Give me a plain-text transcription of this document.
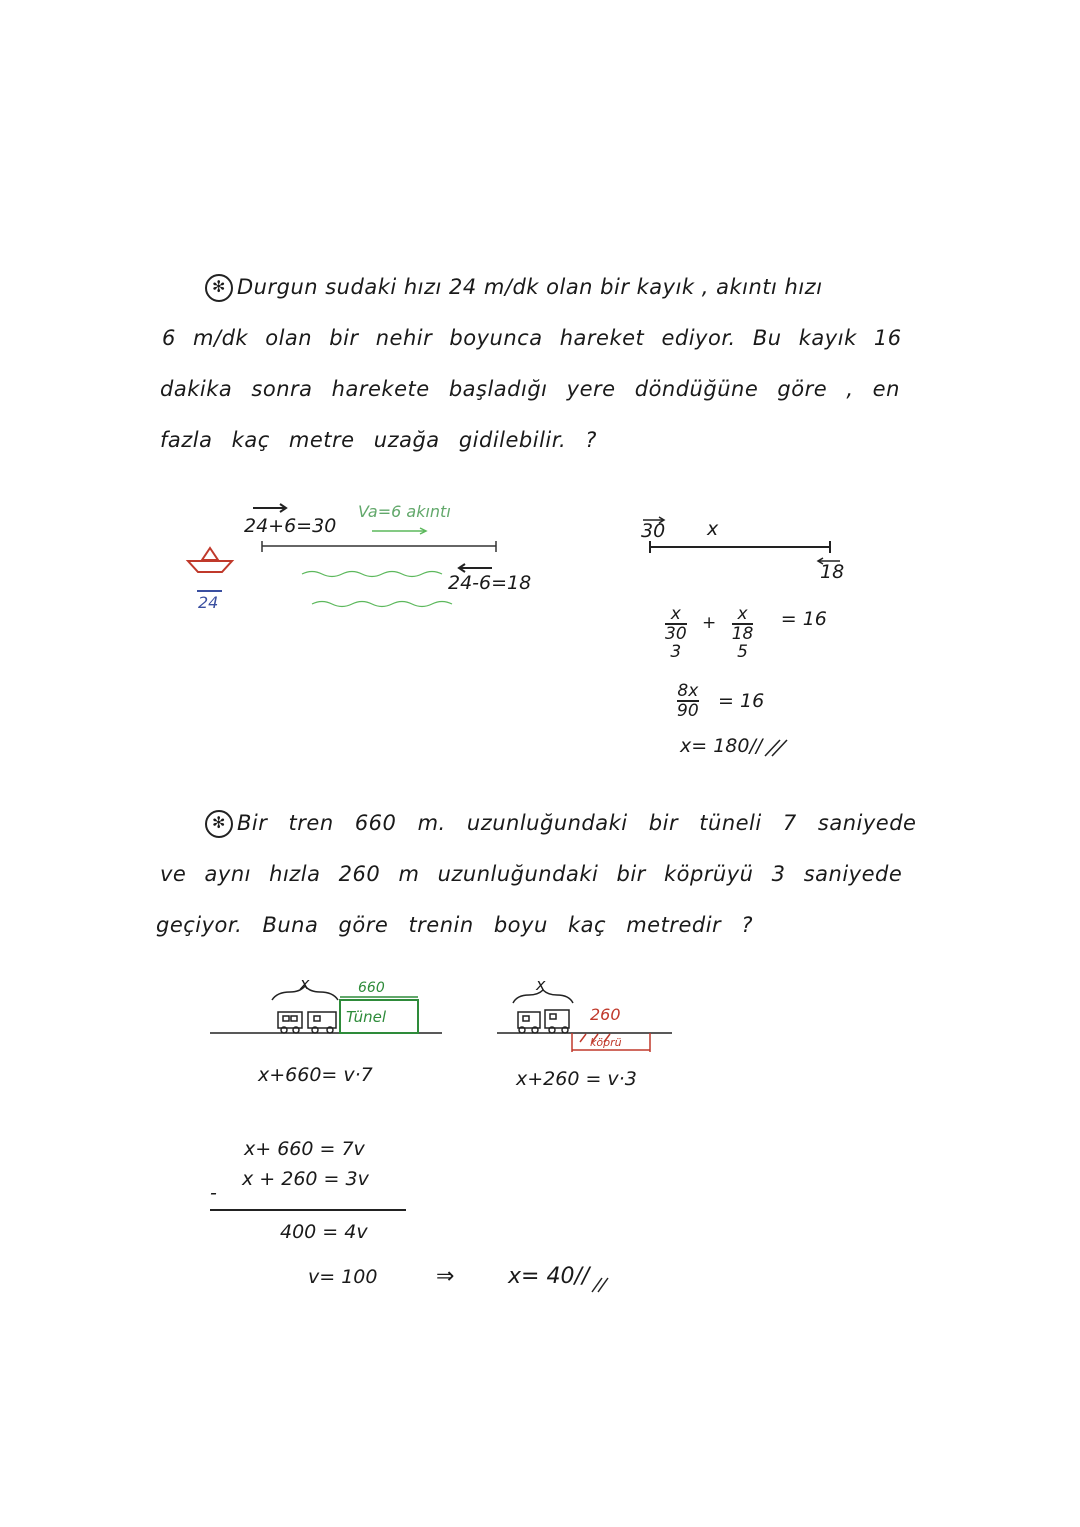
✻ Durgun sudaki hızı 24 m/dk olan bir kayık , akıntı hızı
6 m/dk olan bir nehir boyunca hareket ediyor. Bu kayık 16
dakika sonra harekete başladığı yere döndüğüne göre , en
fazla kaç metre uzağa gidilebilir. ?
24
24+6=30
Va=6 akıntı
24-6=18
30 x
18
x
30
3
+	x
18
5
= 16
$\frac{8x}{90} = 16$
x= 180//
✻ Bir tren 660 m. uzunluğundaki bir tüneli 7 saniyede
ve aynı hızla 260 m uzunluğundaki bir köprüyü 3 saniyede
geçiyor. Buna göre trenin boyu kaç metredir ?
x	660
Tünel
x+660= v·7
x
260
köprü
x+260 = v·3
x+ 660 = 7v
x + 260 = 3v
-
400 = 4v
v= 100	⇒ x= 40//
